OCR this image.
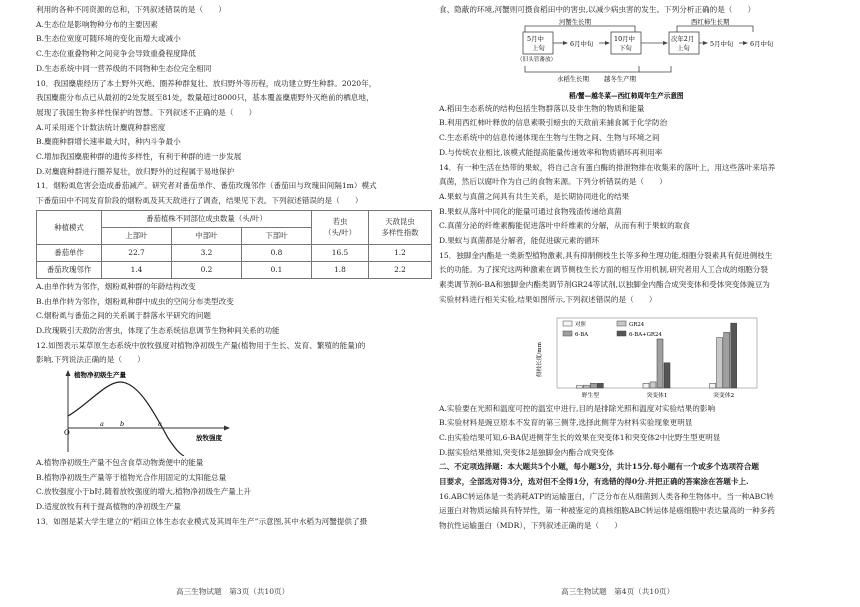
利用的各种不同资源的总和，下列叙述错误的是（　　）

A.生态位是影响物种分布的主要因素

B.生态位宽度可随环境的变化而增大或减小

C.生态位重叠物种之间竞争会导致重叠程度降低

D.生态系统中同一营养级的不同物种生态位完全相同

10．我国麋鹿经历了本土野外灭绝、圈养种群复壮、放归野外等历程，成功建立野生种群。2020年，

我国麋鹿分布点已从最初的2处发展至81处，数量超过8000只，基本覆盖麋鹿野外灭绝前的栖息地，

展现了我国生物多样性保护的智慧。下列叙述不正确的是（　　）

A.可采用逐个计数法统计麋鹿种群密度

B.麋鹿种群增长速率最大时，种内斗争最小

C.增加我国麋鹿种群的遗传多样性，有利于种群的进一步发展

D.对麋鹿种群进行圈养复壮，放归野外的过程属于易地保护

11．烟粉虱危害会造成番茄减产。研究者对番茄单作、番茄玫瑰邻作（番茄田与玫瑰田间隔1m）模式

下番茄田中不同发育阶段的烟粉虱及其天敌进行了调查，结果见下表。下列叙述错误的是（　　）

种植模式	番茄植株不同部位成虫数量（头/叶）			若虫
（头/叶）	天敌昆虫
多样性指数
	上部叶	中部叶	下部叶		
番茄单作	22.7	3.2	0.8	16.5	1.2
番茄玫瑰邻作	1.4	0.2	0.1	1.8	2.2

A.由单作转为邻作，烟粉虱种群的年龄结构改变

B.由单作转为邻作，烟粉虱种群中成虫的空间分布类型改变

C.烟粉虱与番茄之间的关系属于群落水平研究的问题

D.玫瑰吸引天敌防治害虫，体现了生态系统信息调节生物种间关系的功能

12.如图表示某草原生态系统中放牧强度对植物净初级生产量(植物用于生长、发育、繁殖的能量)的

影响,下列说法正确的是（　　）

O
植物净初级生产量
放牧强度
a b	c

A.植物净初级生产量不包含食草动物粪便中的能量

B.植物净初级生产量等于植物光合作用固定的太阳能总量

C.放牧强度小于b时,随着放牧强度的增大,植物净初级生产量上升

D.适度放牧有利于提高植物的净初级生产量

13．如图是某大学生建立的“稻田立体生态农业模式及其周年生产”示意图,其中水稻为河蟹提供了摄

高三生物试题　第3页（共10页）

食、隐蔽的环境,河蟹则可摄食稻田中的害虫,以减少病虫害的发生。下列分析正确的是（　　）

河蟹生长期	西红柿生长期
5月中
上旬
（旧头管蕃放）
6月中旬
10月中
下旬
次年2月
上旬	5月中旬	6月中旬
水稻生长期 越冬生产期
稻/蟹—越冬菜—西红柿周年生产示意图

A.稻田生态系统的结构包括生物群落以及非生物的物质和能量

B.利用西红柿叶释放的信息素吸引螃虫的天敌前来捕食属于化学防治

C.生态系统中的信息传递体现在生物与生物之间、生物与环境之间

D.与传统农业相比,该模式能提高能量传递效率和物质循环再利用率

14．有一种生活在热带的果蚁，将自己含有蛋白酶的排泄物排在收集来的落叶上，用这些落叶来培养

真菌，然后以腐叶作为自己的食物来源。下列分析错误的是（　　）

A.果蚁与真菌之间具有共生关系，是长期协同进化的结果

B.果蚁从落叶中同化的能量可通过食物残渣传递给真菌

C.真菌分泌的纤维素酶能促进落叶中纤维素的分解，从而有利于果蚁的取食

D.果蚁与真菌都是分解者，能促进碳元素的循环

15．独脚金内酯是一类新型植物激素,具有抑制侧枝生长等多种生理功能,细胞分裂素具有促进侧枝生

长的功能。为了探究这两种激素在调节侧枝生长方面的相互作用机制,研究者用人工合成的细胞分裂

素类调节剂6-BA和独脚金内酯类调节剂GR24等试剂,以独脚金内酯合成突变体和受体突变体豌豆为

实验材料进行相关实验,结果如图所示,下列叙述错误的是（　　）

侧枝长度/mm
对照	GR24
6-BA	6-BA+GR24
野生型	突变体1	突变体2

A.实验要在光照和温度可控的温室中进行,目的是排除光照和温度对实验结果的影响

B.实验材料是豌豆原本不发育的第三侧芽,选择此侧芽为材料实验现象更明显

C.由实验结果可知,6-BA促进侧芽生长的效果在突变体1和突变体2中比野生型更明显

D.据实验结果推知,突变体2是独脚金内酯合成突变体

二、不定项选择题：本大题共5个小题，每小题3分，共计15分.每小题有一个或多个选项符合题

目要求，全部选对得3分，选对但不全得1分，有选错的得0分.并把正确的答案涂在答题卡上.

16.ABC转运体是一类消耗ATP的运输蛋白，广泛分布在从细菌到人类各种生物体中。当一种ABC转

运蛋白对物质运输具有特异性，第一种被鉴定的真核细胞ABC转运体是癌细胞中表达量高的一种多药

物抗性运输蛋白（MDR），下列叙述正确的是（　　）

高三生物试题　第4页（共10页）
